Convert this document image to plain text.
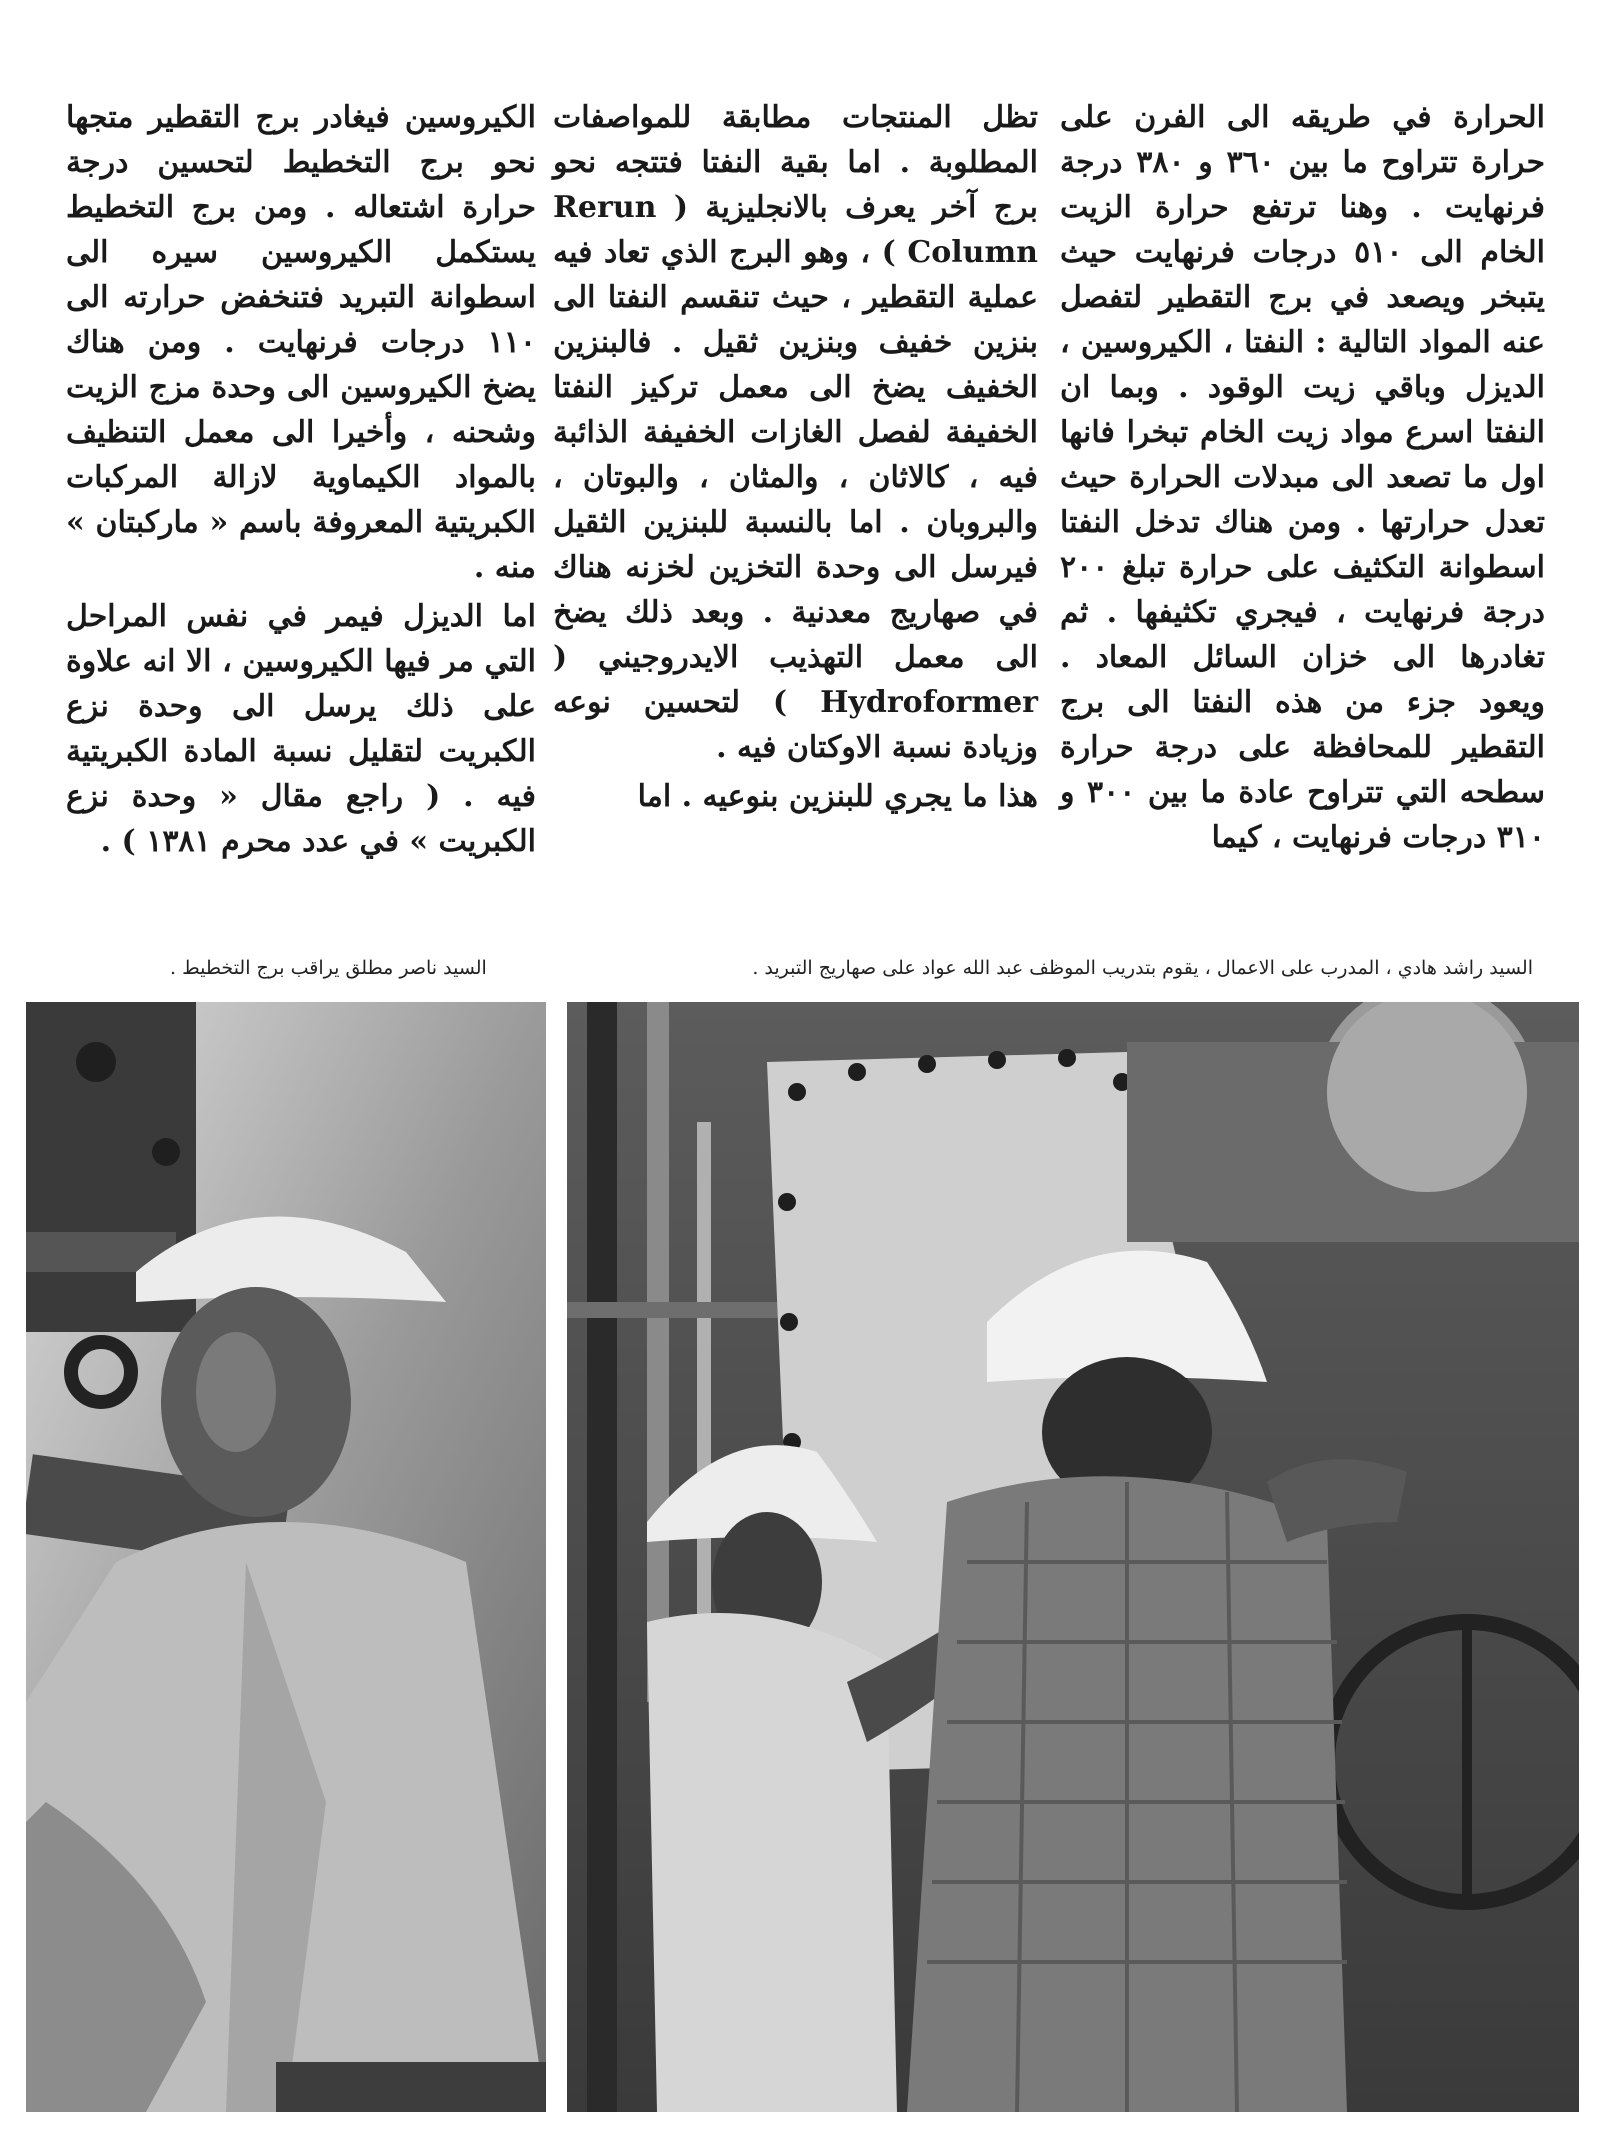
الحرارة في طريقه الى الفرن على حرارة تتراوح ما بين ٣٦٠ و ٣٨٠ درجة فرنهايت . وهنا ترتفع حرارة الزيت الخام الى ٥١٠ درجات فرنهايت حيث يتبخر ويصعد في برج التقطير لتفصل عنه المواد التالية : النفتا ، الكيروسين ، الديزل وباقي زيت الوقود . وبما ان النفتا اسرع مواد زيت الخام تبخرا فانها اول ما تصعد الى مبدلات الحرارة حيث تعدل حرارتها . ومن هناك تدخل النفتا اسطوانة التكثيف على حرارة تبلغ ٢٠٠ درجة فرنهايت ، فيجري تكثيفها . ثم تغادرها الى خزان السائل المعاد . ويعود جزء من هذه النفتا الى برج التقطير للمحافظة على درجة حرارة سطحه التي تتراوح عادة ما بين ٣٠٠ و ٣١٠ درجات فرنهايت ، كيما

تظل المنتجات مطابقة للمواصفات المطلوبة . اما بقية النفتا فتتجه نحو برج آخر يعرف بالانجليزية ( Rerun Column ) ، وهو البرج الذي تعاد فيه عملية التقطير ، حيث تنقسم النفتا الى بنزين خفيف وبنزين ثقيل . فالبنزين الخفيف يضخ الى معمل تركيز النفتا الخفيفة لفصل الغازات الخفيفة الذائبة فيه ، كالاثان ، والمثان ، والبوتان ، والبروبان . اما بالنسبة للبنزين الثقيل فيرسل الى وحدة التخزين لخزنه هناك في صهاريج معدنية . وبعد ذلك يضخ الى معمل التهذيب الايدروجيني ( Hydroformer ) لتحسين نوعه وزيادة نسبة الاوكتان فيه .

هذا ما يجري للبنزين بنوعيه . اما

الكيروسين فيغادر برج التقطير متجها نحو برج التخطيط لتحسين درجة حرارة اشتعاله . ومن برج التخطيط يستكمل الكيروسين سيره الى اسطوانة التبريد فتنخفض حرارته الى ١١٠ درجات فرنهايت . ومن هناك يضخ الكيروسين الى وحدة مزج الزيت وشحنه ، وأخيرا الى معمل التنظيف بالمواد الكيماوية لازالة المركبات الكبريتية المعروفة باسم « ماركبتان » منه .

اما الديزل فيمر في نفس المراحل التي مر فيها الكيروسين ، الا انه علاوة على ذلك يرسل الى وحدة نزع الكبريت لتقليل نسبة المادة الكبريتية فيه . ( راجع مقال « وحدة نزع الكبريت » في عدد محرم ١٣٨١ ) .

السيد راشد هادي ، المدرب على الاعمال ، يقوم بتدريب الموظف عبد الله عواد على صهاريج التبريد .
السيد ناصر مطلق يراقب برج التخطيط .
